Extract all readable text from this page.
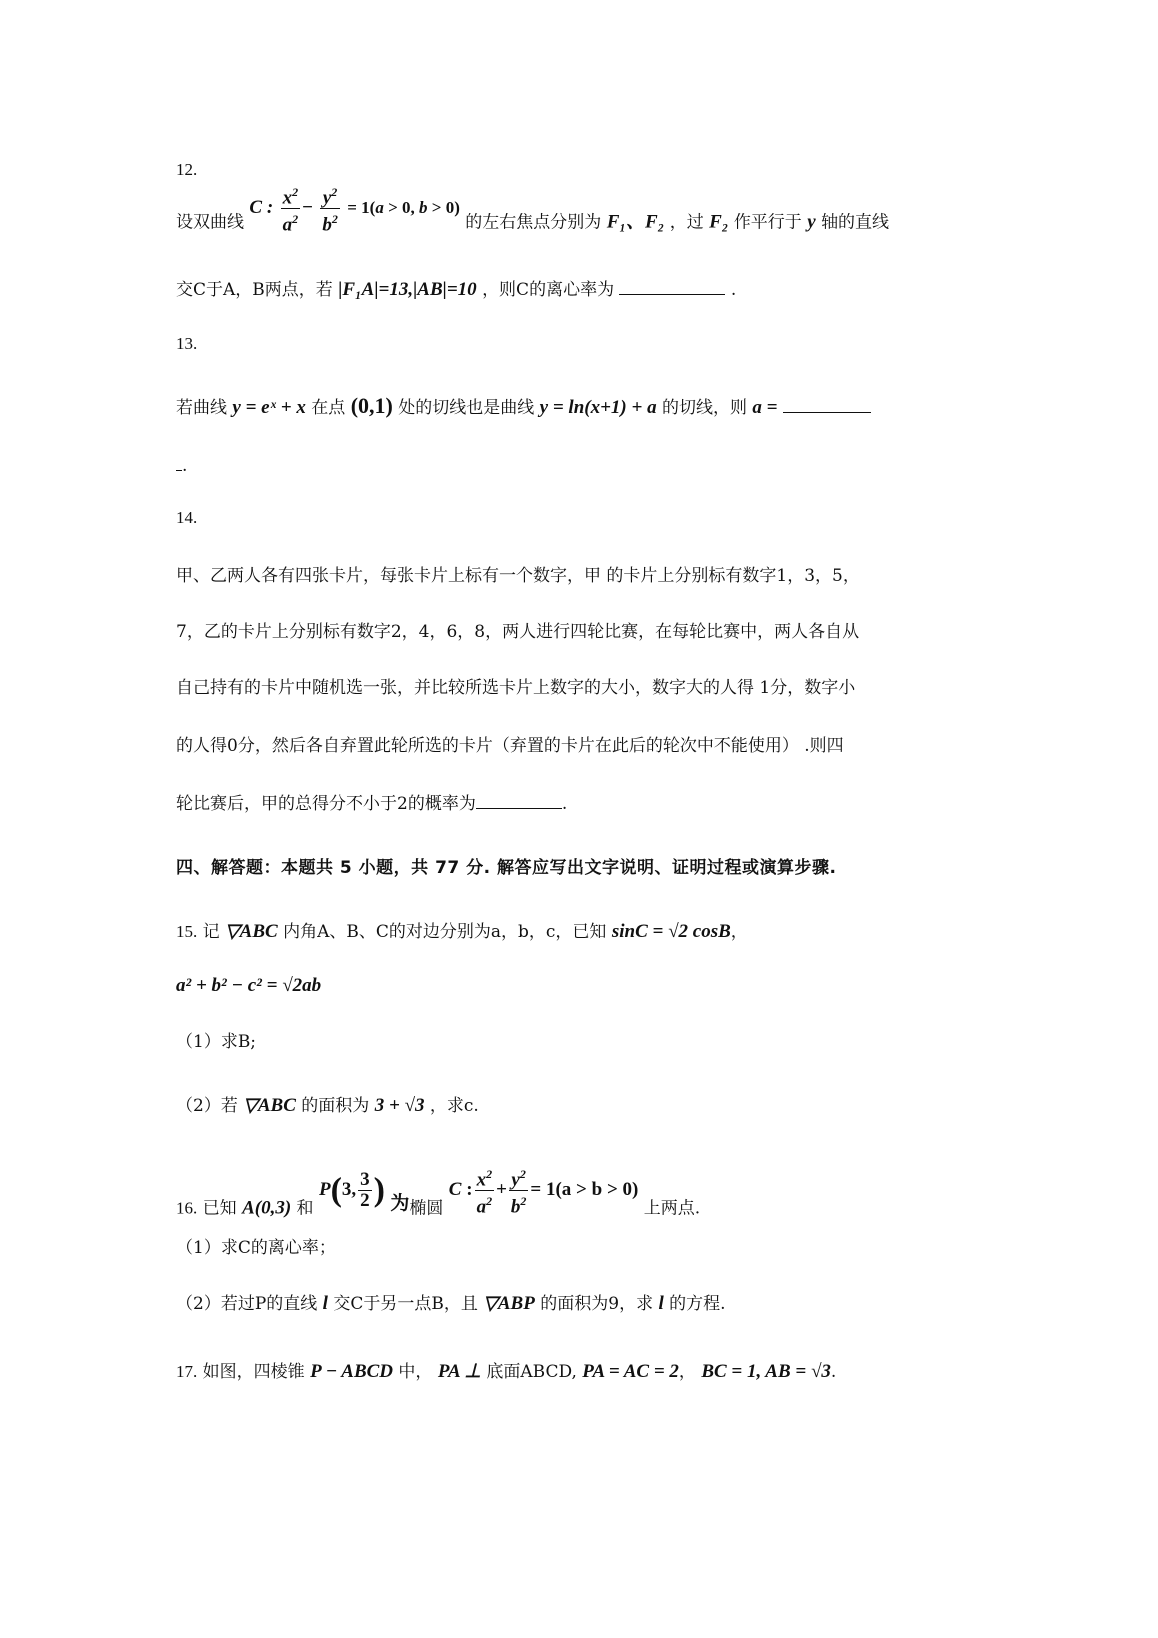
12.
设双曲线 C : $\frac{x^2}{a^2} - \frac{y^2}{b^2} = 1(a > 0$, b > 0) 的左右焦点分别为 F₁、F₂ ，过 F₂ 作平行于 y 轴的直线
交C于A，B两点，若 |F₁A|=13,|AB|=10 ，则C的离心率为	.
13.
若曲线 y = eˣ + x 在点 (0,1) 处的切线也是曲线 y = ln(x+1) + a 的切线，则 a =
.
14.
甲、乙两人各有四张卡片，每张卡片上标有一个数字，甲 的卡片上分别标有数字1，3，5，
7，乙的卡片上分别标有数字2，4，6，8，两人进行四轮比赛，在每轮比赛中，两人各自从
自己持有的卡片中随机选一张，并比较所选卡片上数字的大小，数字大的人得 1分，数字小
的人得0分，然后各自弃置此轮所选的卡片（弃置的卡片在此后的轮次中不能使用） .则四
轮比赛后，甲的总得分不小于2的概率为	.
四、解答题：本题共 5 小题，共 77 分. 解答应写出文字说明、证明过程或演算步骤.
15. 记 ▽ABC 内角A、B、C的对边分别为a，b，c，已知 sinC = √2 cosB，
a² + b² − c² = √2ab
（1）求B;
（2）若 ▽ABC 的面积为 3 + √3 ，求c.
16. 已知 A(0,3) 和 P(3, $\frac{3}{2}$ ) 为椭圆 C : $\frac{x^2}{a^2} + \frac{y^2}{b^2} = 1(a > b > 0)$ 上两点.
（1）求C的离心率；
（2）若过P的直线 l 交C于另一点B，且 ▽ABP 的面积为9，求 l 的方程.
17. 如图，四棱锥 P − ABCD 中， PA ⊥ 底面ABCD, PA = AC = 2， BC = 1, AB = √3.
